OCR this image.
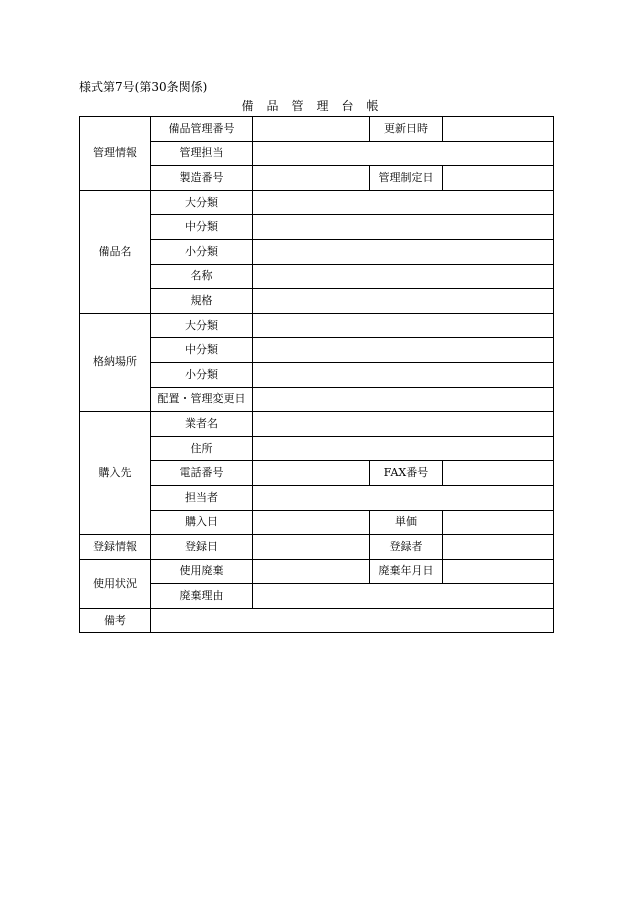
様式第7号(第30条関係)
備品管理台帳
管理情報	備品管理番号		更新日時	
	管理担当			
	製造番号		管理制定日	
備品名	大分類			
	中分類			
	小分類			
	名称			
	規格			
格納場所	大分類			
	中分類			
	小分類			
	配置・管理変更日			
購入先	業者名			
	住所			
	電話番号		FAX番号	
	担当者			
	購入日		単価	
登録情報	登録日		登録者	
使用状況	使用廃棄		廃棄年月日	
	廃棄理由			
備考				
